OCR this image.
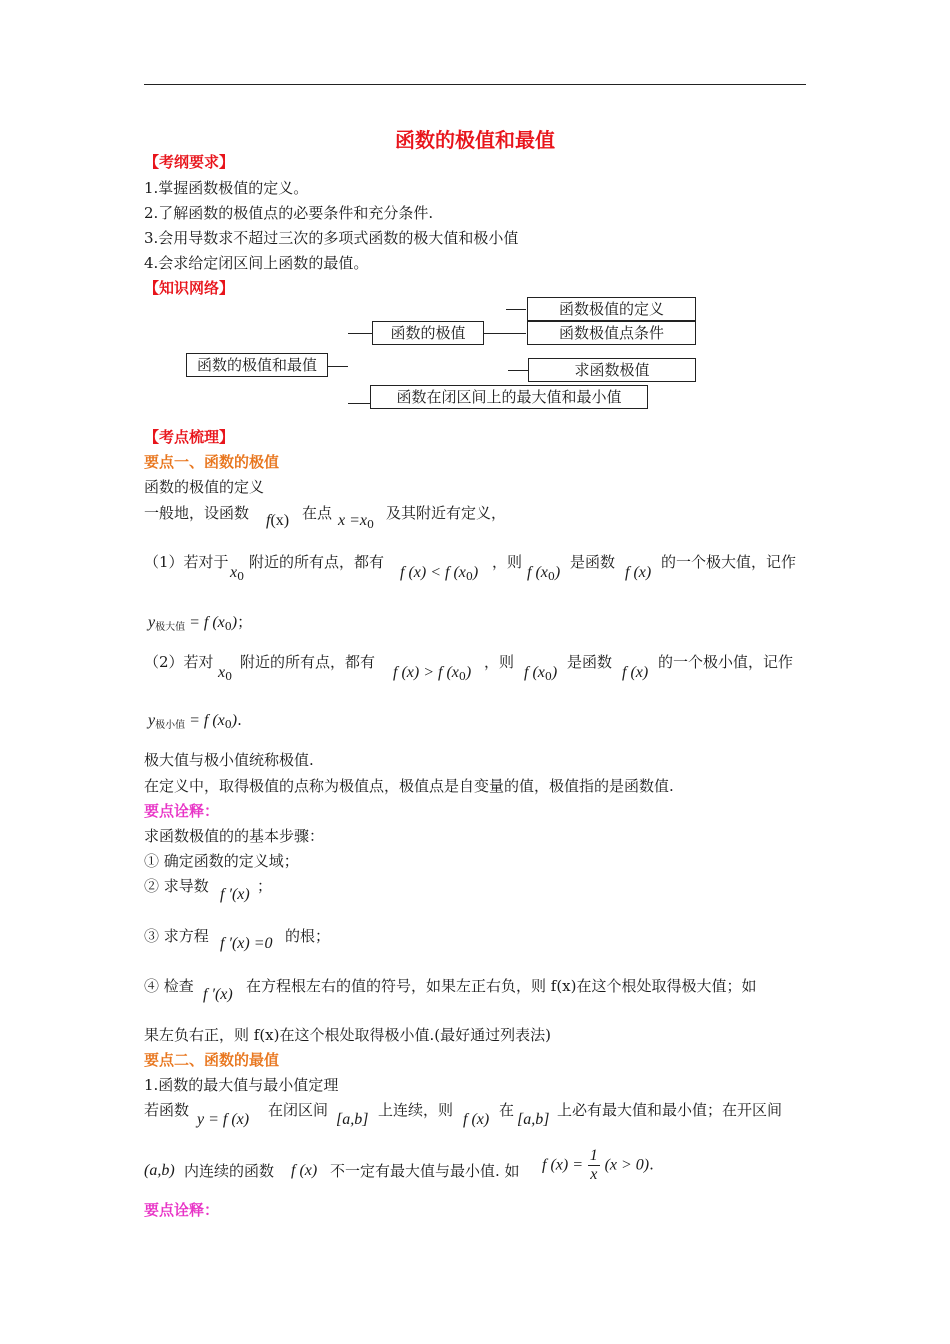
函数的极值和最值
【考纲要求】
1.掌握函数极值的定义。
2.了解函数的极值点的必要条件和充分条件.
3.会用导数求不超过三次的多项式函数的极大值和极小值
4.会求给定闭区间上函数的最值。
【知识网络】
函数的极值和最值
函数的极值
函数极值的定义
函数极值点条件
求函数极值
函数在闭区间上的最大值和最小值
【考点梳理】
要点一、函数的极值
函数的极值的定义
一般地，设函数 f(x) 在点 $x =x_0$
及其附近有定义，
（1）若对于
$x_0$
附近的所有点，都有
f (x) < f $(x_0)$
，则
f $(x_0)$
是函数
f (x)
的一个极大值，记作
$y_{极大值} = f$ $(x_0)$；
（2）若对
$x_0$
附近的所有点，都有
f (x) > f $(x_0)$
，则
f $(x_0)$
是函数
f (x)
的一个极小值，记作
$y_{极小值} = f$ $(x_0)$.
极大值与极小值统称极值.
在定义中，取得极值的点称为极值点，极值点是自变量的值，极值指的是函数值.
要点诠释：
求函数极值的的基本步骤：
① 确定函数的定义域；
② 求导数 f ′(x) ；
③ 求方程 f ′(x) =0 的根；
④ 检查 f ′(x) 在方程根左右的值的符号，如果左正右负，则 f(x)在这个根处取得极大值；如
果左负右正，则 f(x)在这个根处取得极小值.(最好通过列表法)
要点二、函数的最值
1.函数的最大值与最小值定理
若函数
y = f (x)
在闭区间
[a,b]
上连续，则
f (x)
在
[a,b]
上必有最大值和最小值；在开区间
(a,b) 内连续的函数 f (x) 不一定有最大值与最小值. 如 f $(x) = \frac{1}{x} (x > 0)$.
要点诠释：
